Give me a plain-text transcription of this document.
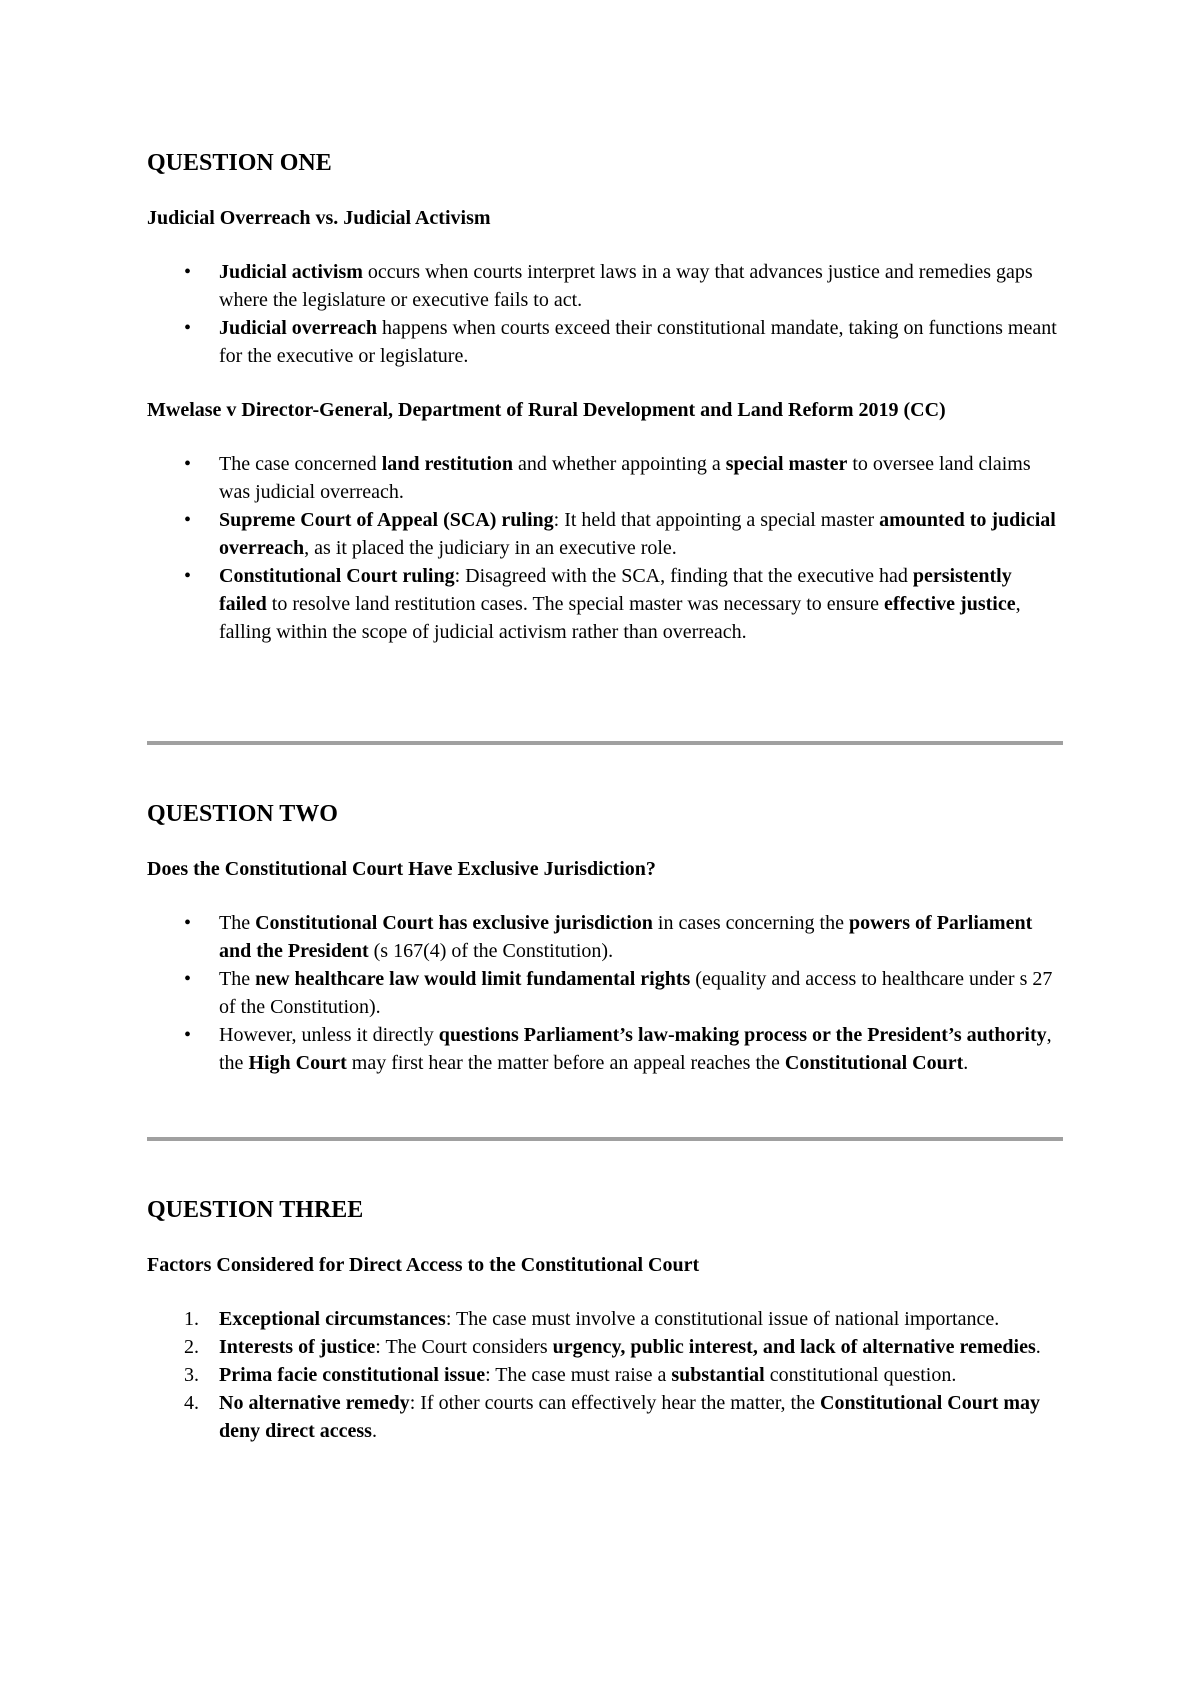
QUESTION ONE
Judicial Overreach vs. Judicial Activism
• Judicial activism occurs when courts interpret laws in a way that advances justice and remedies gaps where the legislature or executive fails to act.
• Judicial overreach happens when courts exceed their constitutional mandate, taking on functions meant for the executive or legislature.
Mwelase v Director-General, Department of Rural Development and Land Reform 2019 (CC)
• The case concerned land restitution and whether appointing a special master to oversee land claims was judicial overreach.
• Supreme Court of Appeal (SCA) ruling: It held that appointing a special master amounted to judicial overreach, as it placed the judiciary in an executive role.
• Constitutional Court ruling: Disagreed with the SCA, finding that the executive had persistently failed to resolve land restitution cases. The special master was necessary to ensure effective justice, falling within the scope of judicial activism rather than overreach.
QUESTION TWO
Does the Constitutional Court Have Exclusive Jurisdiction?
• The Constitutional Court has exclusive jurisdiction in cases concerning the powers of Parliament and the President (s 167(4) of the Constitution).
• The new healthcare law would limit fundamental rights (equality and access to healthcare under s 27 of the Constitution).
• However, unless it directly questions Parliament’s law-making process or the President’s authority, the High Court may first hear the matter before an appeal reaches the Constitutional Court.
QUESTION THREE
Factors Considered for Direct Access to the Constitutional Court
1.	Exceptional circumstances: The case must involve a constitutional issue of national importance.
2.	Interests of justice: The Court considers urgency, public interest, and lack of alternative remedies.
3.	Prima facie constitutional issue: The case must raise a substantial constitutional question.
4.	No alternative remedy: If other courts can effectively hear the matter, the Constitutional Court may deny direct access.
